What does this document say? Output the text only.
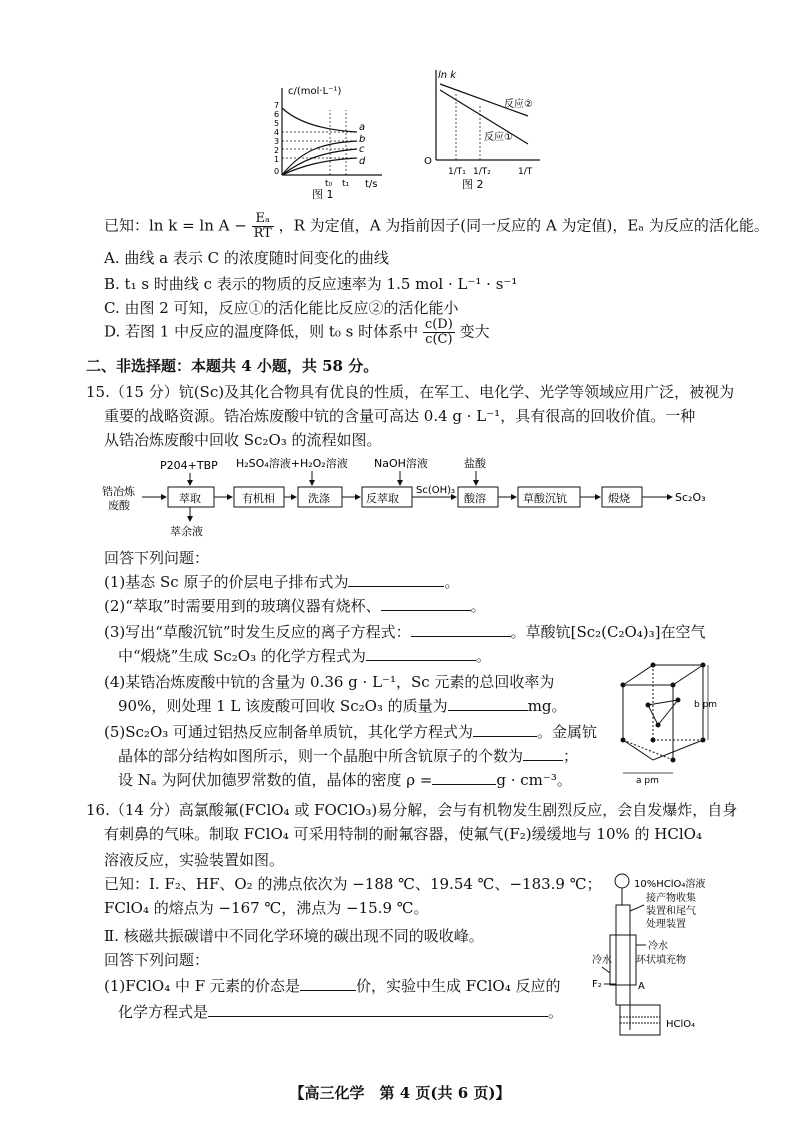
c/(mol·L⁻¹)
t/s
7
6
5
4
3
2
1
0
a
b
c
d
t₀ t₁
图 1
ln k
O
反应②
反应①
1/T₁ 1/T₂	1/T
图 2
已知：$\ln k = \ln A - \frac{\text{Eₐ}}{RT}$ ，R 为定值，A 为指前因子(同一反应的 A 为定值)，Eₐ 为反应的活化能。
A. 曲线 a 表示 C 的浓度随时间变化的曲线
B. t₁ s 时曲线 c 表示的物质的反应速率为 1.5 mol · L⁻¹ · s⁻¹
C. 由图 2 可知，反应①的活化能比反应②的活化能小
D. 若图 1 中反应的温度降低，则 t₀ s 时体系中 $\frac{c(D)}{c(C)}$ 变大
二、非选择题：本题共 4 小题，共 58 分。
15.（15 分）钪(Sc)及其化合物具有优良的性质，在军工、电化学、光学等领域应用广泛，被视为
重要的战略资源。锆冶炼废酸中钪的含量可高达 0.4 g · L⁻¹，具有很高的回收价值。一种
从锆冶炼废酸中回收 Sc₂O₃ 的流程如图。
P204+TBP H₂SO₄溶液+H₂O₂溶液 NaOH溶液	盐酸
锆冶炼
废酸
萃取	有机相	洗涤	反萃取
Sc(OH)₃
酸溶	草酸沉钪	煅烧	Sc₂O₃
萃余液
回答下列问题：
(1)基态 Sc 原子的价层电子排布式为	。
(2)“萃取”时需要用到的玻璃仪器有烧杯、	。
(3)写出“草酸沉钪”时发生反应的离子方程式：	。草酸钪[Sc₂(C₂O₄)₃]在空气
中“煅烧”生成 Sc₂O₃ 的化学方程式为	。
(4)某锆冶炼废酸中钪的含量为 0.36 g · L⁻¹，Sc 元素的总回收率为
90%，则处理 1 L 该废酸可回收 Sc₂O₃ 的质量为	mg。
(5)Sc₂O₃ 可通过铝热反应制备单质钪，其化学方程式为	。金属钪
晶体的部分结构如图所示，则一个晶胞中所含钪原子的个数为	；
设 Nₐ 为阿伏加德罗常数的值，晶体的密度 ρ =	g · cm⁻³。
b pm
a pm
16.（14 分）高氯酸氟(FClO₄ 或 FOClO₃)易分解，会与有机物发生剧烈反应，会自发爆炸，自身
有刺鼻的气味。制取 FClO₄ 可采用特制的耐氟容器，使氟气(F₂)缓缓地与 10% 的 HClO₄
溶液反应，实验装置如图。
已知：Ⅰ. F₂、HF、O₂ 的沸点依次为 −188 ℃、19.54 ℃、−183.9 ℃；
FClO₄ 的熔点为 −167 ℃，沸点为 −15.9 ℃。
Ⅱ. 核磁共振碳谱中不同化学环境的碳出现不同的吸收峰。
回答下列问题：
(1)FClO₄ 中 F 元素的价态是	价，实验中生成 FClO₄ 反应的
化学方程式是	。
10%HClO₄溶液
接产物收集
装置和尾气
处理装置
冷水
环状填充物
冷水
F₂	A
HClO₄
【高三化学　第 4 页(共 6 页)】
